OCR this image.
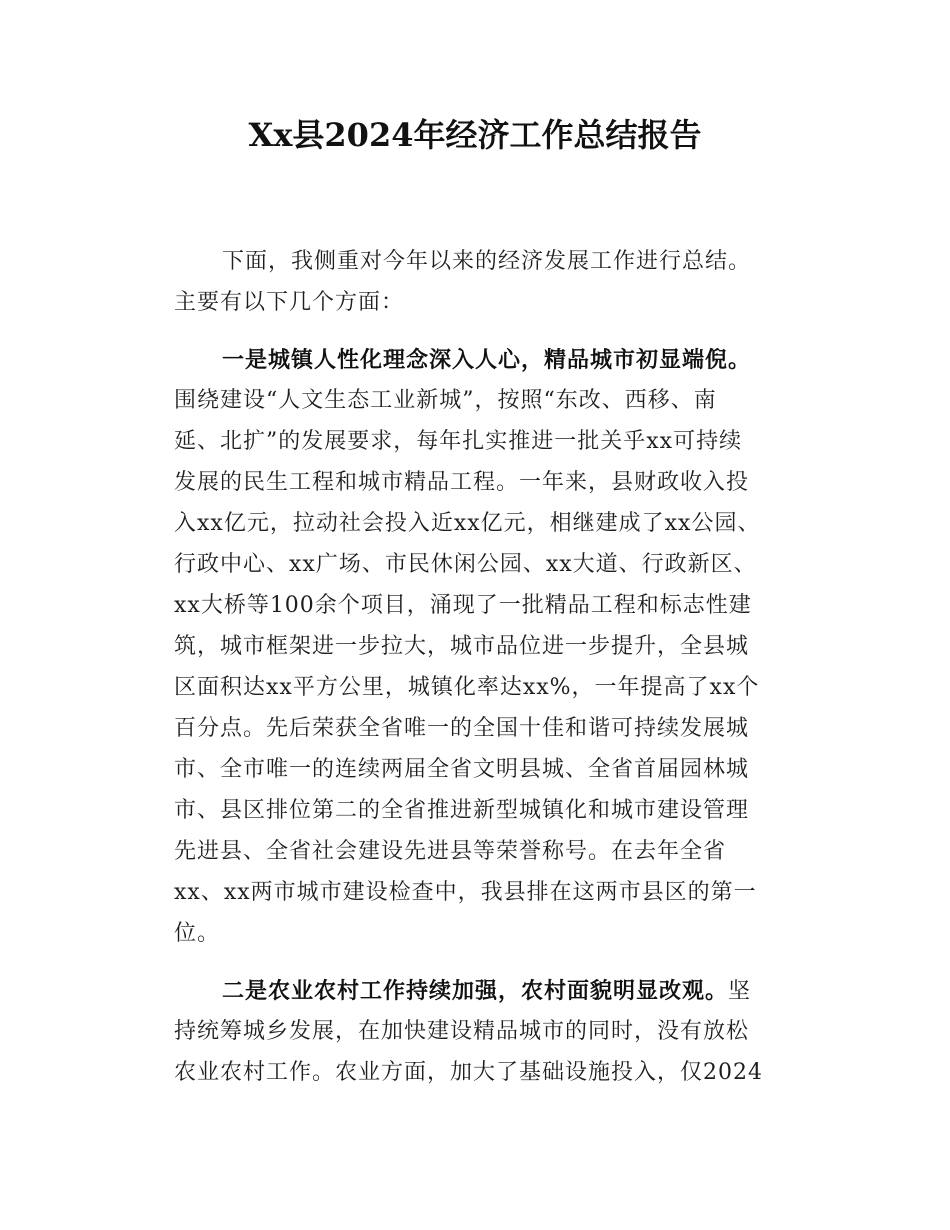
Xx县2024年经济工作总结报告
下面，我侧重对今年以来的经济发展工作进行总结。
主要有以下几个方面：
一是城镇人性化理念深入人心，精品城市初显端倪。
围绕建设“人文生态工业新城”，按照“东改、西移、南
延、北扩”的发展要求，每年扎实推进一批关乎xx可持续
发展的民生工程和城市精品工程。一年来，县财政收入投
入xx亿元，拉动社会投入近xx亿元，相继建成了xx公园、
行政中心、xx广场、市民休闲公园、xx大道、行政新区、
xx大桥等100余个项目，涌现了一批精品工程和标志性建
筑，城市框架进一步拉大，城市品位进一步提升，全县城
区面积达xx平方公里，城镇化率达xx%，一年提高了xx个
百分点。先后荣获全省唯一的全国十佳和谐可持续发展城
市、全市唯一的连续两届全省文明县城、全省首届园林城
市、县区排位第二的全省推进新型城镇化和城市建设管理
先进县、全省社会建设先进县等荣誉称号。在去年全省
xx、xx两市城市建设检查中，我县排在这两市县区的第一
位。
二是农业农村工作持续加强，农村面貌明显改观。坚
持统筹城乡发展，在加快建设精品城市的同时，没有放松
农业农村工作。农业方面，加大了基础设施投入，仅2024
